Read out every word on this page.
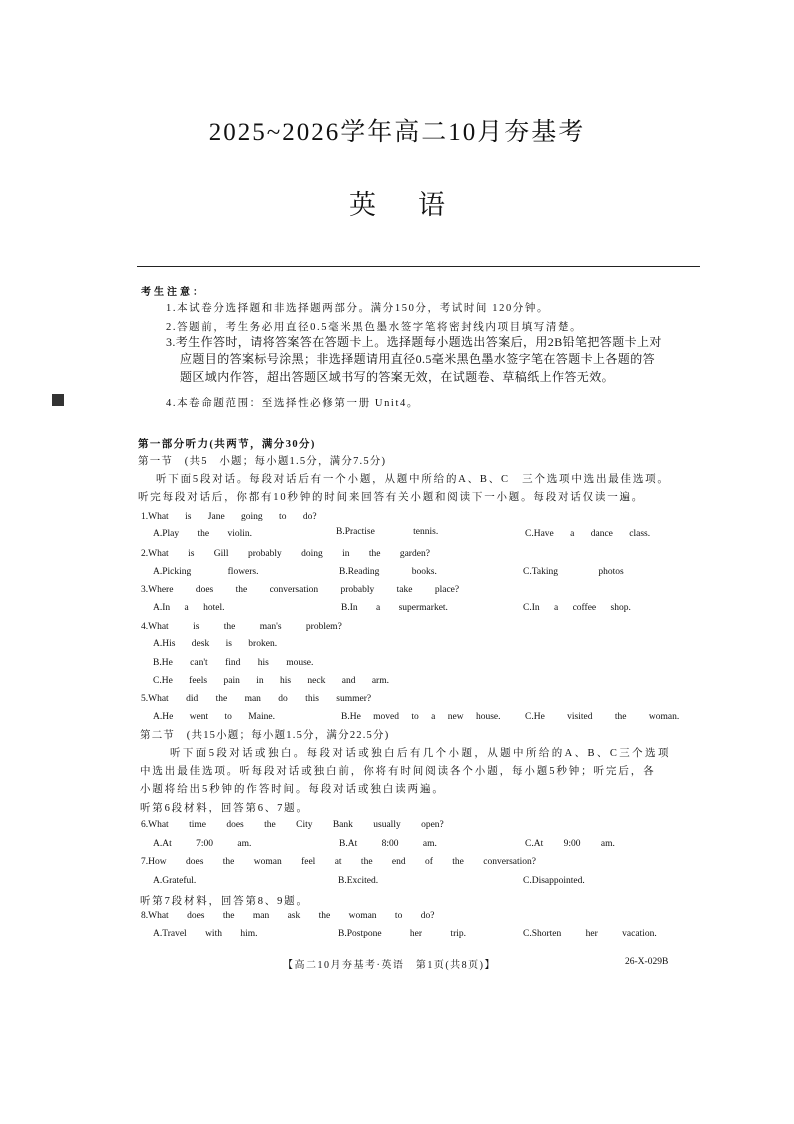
2025~2026学年高二10月夯基考
英语
考生注意：
1.本试卷分选择题和非选择题两部分。满分150分，考试时间 120分钟。
2.答题前，考生务必用直径0.5毫米黑色墨水签字笔将密封线内项目填写清楚。
3.考生作答时，请将答案答在答题卡上。选择题每小题选出答案后，用2B铅笔把答题卡上对
应题目的答案标号涂黑；非选择题请用直径0.5毫米黑色墨水签字笔在答题卡上各题的答
题区域内作答，超出答题区域书写的答案无效，在试题卷、草稿纸上作答无效。
4.本卷命题范围：至选择性必修第一册 Unit4。
第一部分听力(共两节，满分30分)
第一节　(共5　小题；每小题1.5分，满分7.5分)
听下面5段对话。每段对话后有一个小题，从题中所给的A、B、C　三个选项中选出最佳选项。
听完每段对话后，你都有10秒钟的时间来回答有关小题和阅读下一小题。每段对话仅读一遍。
1.What is Jane going to do?
A.Play the violin.	B.Practise tennis.	C.Have a dance class.
2.What is Gill probably doing in the garden?
A.Picking flowers.	B.Reading books.	C.Taking photos
3.Where does the conversation probably take place?
A.In a hotel.	B.In a supermarket.	C.In a coffee shop.
4.What is the man's problem?
A.His desk is broken.
B.He can't find his mouse.
C.He feels pain in his neck and arm.
5.What did the man do this summer?
A.He went to Maine.	B.He moved to a new house.	C.He visited the woman.
第二节　(共15小题；每小题1.5分，满分22.5分)
听下面5段对话或独白。每段对话或独白后有几个小题，从题中所给的A、B、C三个选项
中选出最佳选项。听每段对话或独白前，你将有时间阅读各个小题，每小题5秒钟；听完后，各
小题将给出5秒钟的作答时间。每段对话或独白读两遍。
听第6段材料，回答第6、7题。
6.What time does the City Bank usually open?
A.At 7:00 am.	B.At 8:00 am.	C.At 9:00 am.
7.How does the woman feel at the end of the conversation?
A.Grateful.	B.Excited.	C.Disappointed.
听第7段材料，回答第8、9题。
8.What does the man ask the woman to do?
A.Travel with him.	B.Postpone her trip.	C.Shorten her vacation.
【高二10月夯基考·英语　第1页(共8页)】	26-X-029B
